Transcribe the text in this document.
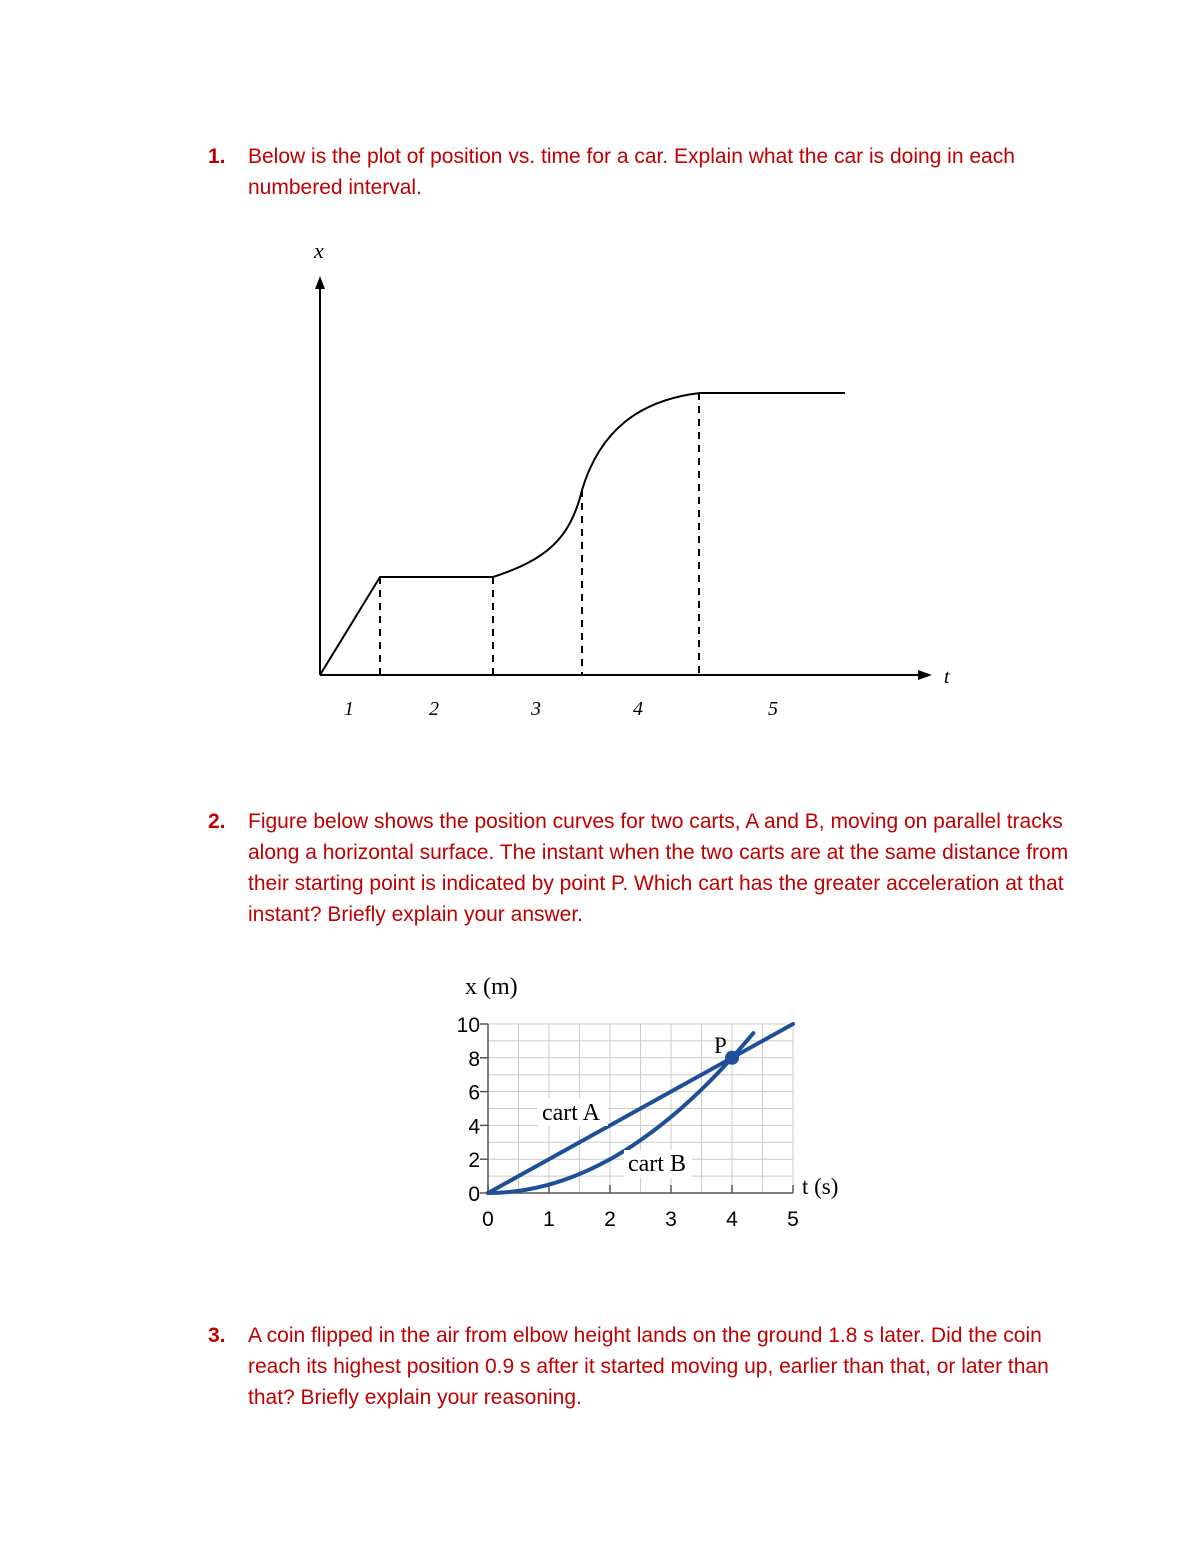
1. Below is the plot of position vs. time for a car. Explain what the car is doing in each numbered interval.
x
t
1	2	3	4	5
x (m)
10
8
6
4
2
0
0 1 2 3 4 5
P
cart A
cart B
t (s)
2. Figure below shows the position curves for two carts, A and B, moving on parallel tracks along a horizontal surface. The instant when the two carts are at the same distance from their starting point is indicated by point P. Which cart has the greater acceleration at that instant? Briefly explain your answer.
3. A coin flipped in the air from elbow height lands on the ground 1.8 s later. Did the coin reach its highest position 0.9 s after it started moving up, earlier than that, or later than that? Briefly explain your reasoning.
